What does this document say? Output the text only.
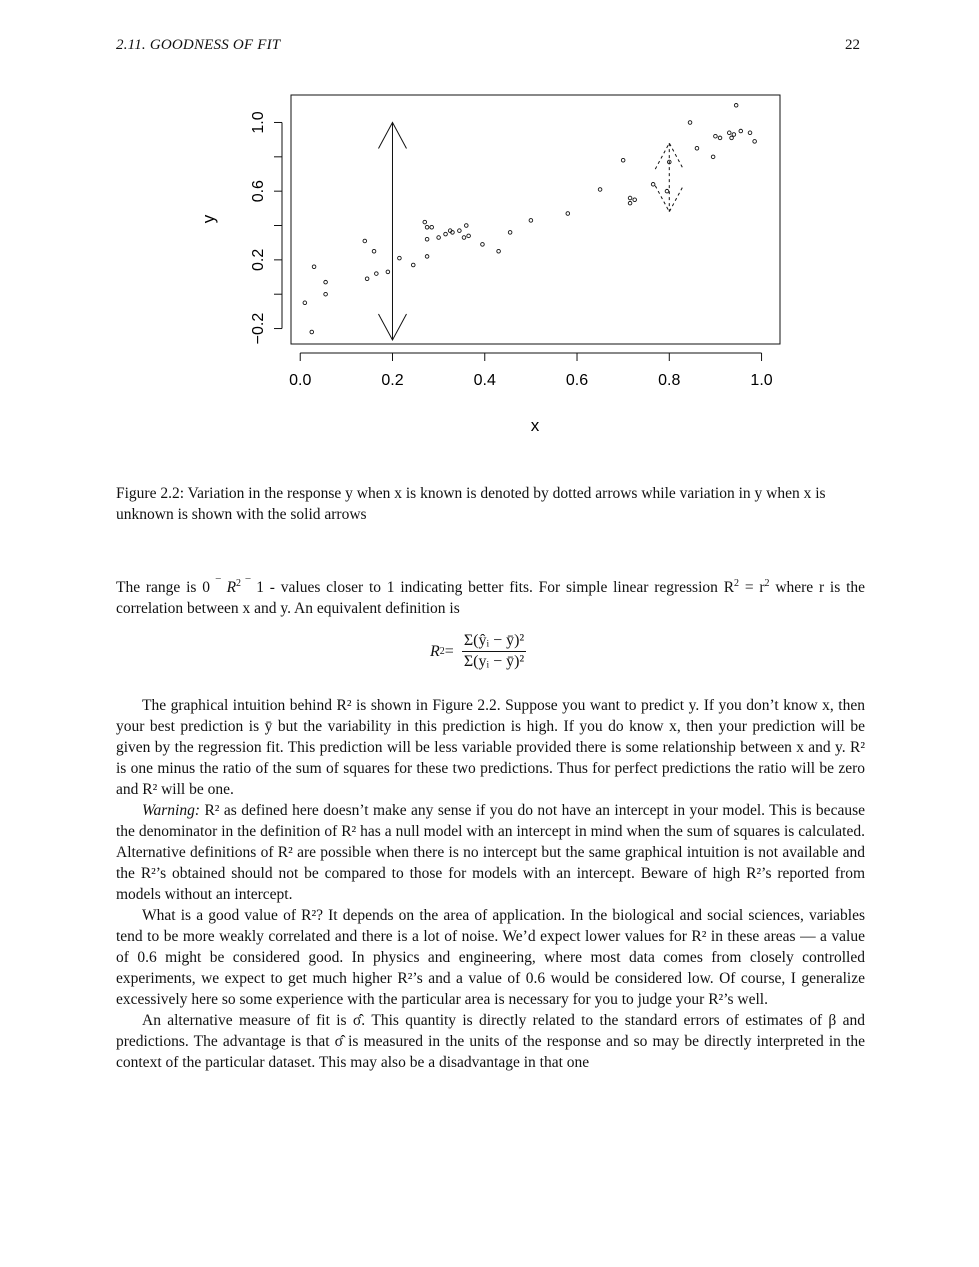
2.11. GOODNESS OF FIT	22
0.0	0.2	0.4	0.6	0.8	1.0
−0.2
0.2
0.6
1.0
x
y
Figure 2.2: Variation in the response y when x is known is denoted by dotted arrows while variation in y when x is unknown is shown with the solid arrows
The range is 0 ¯ $R^2$ ¯ 1 - values closer to 1 indicating better fits. For simple linear regression $R^2 = r^2$ where r is the correlation between x and y. An equivalent definition is
R $2 = \frac{\text{Σ(ŷᵢ − ȳ)²}}{\text{Σ(yᵢ − ȳ)²}}$

The graphical intuition behind R² is shown in Figure 2.2. Suppose you want to predict y. If you don’t know x, then your best prediction is ȳ but the variability in this prediction is high. If you do know x, then your prediction will be given by the regression fit. This prediction will be less variable provided there is some relationship between x and y. R² is one minus the ratio of the sum of squares for these two predictions. Thus for perfect predictions the ratio will be zero and R² will be one.

Warning: R² as defined here doesn’t make any sense if you do not have an intercept in your model. This is because the denominator in the definition of R² has a null model with an intercept in mind when the sum of squares is calculated. Alternative definitions of R² are possible when there is no intercept but the same graphical intuition is not available and the R²’s obtained should not be compared to those for models with an intercept. Beware of high R²’s reported from models without an intercept.

What is a good value of R²? It depends on the area of application. In the biological and social sciences, variables tend to be more weakly correlated and there is a lot of noise. We’d expect lower values for R² in these areas — a value of 0.6 might be considered good. In physics and engineering, where most data comes from closely controlled experiments, we expect to get much higher R²’s and a value of 0.6 would be considered low. Of course, I generalize excessively here so some experience with the particular area is necessary for you to judge your R²’s well.

An alternative measure of fit is σ̂. This quantity is directly related to the standard errors of estimates of β and predictions. The advantage is that σ̂ is measured in the units of the response and so may be directly interpreted in the context of the particular dataset. This may also be a disadvantage in that one
